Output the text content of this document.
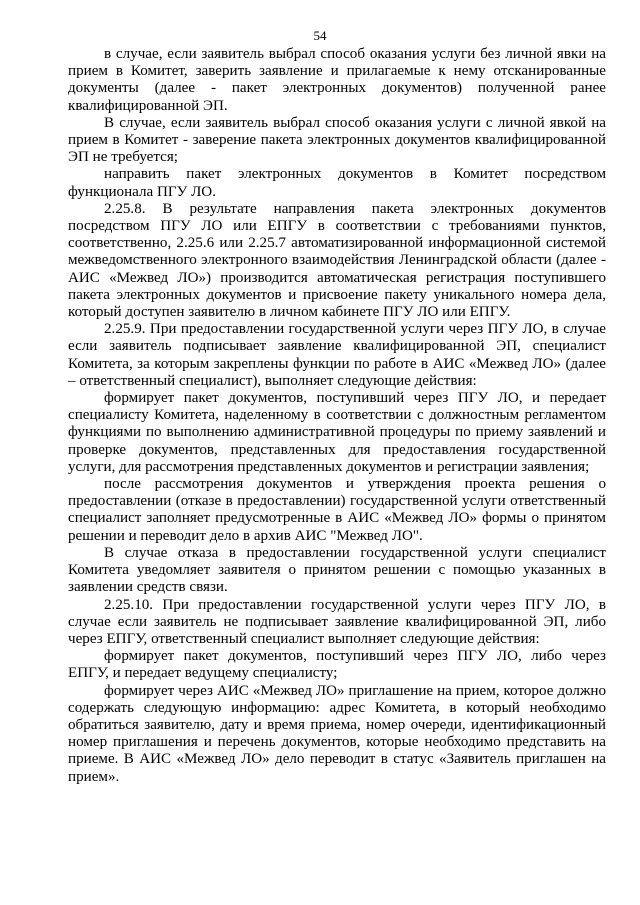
54

в случае, если заявитель выбрал способ оказания услуги без личной явки на прием в Комитет, заверить заявление и прилагаемые к нему отсканированные документы (далее - пакет электронных документов) полученной ранее квалифицированной ЭП.

В случае, если заявитель выбрал способ оказания услуги с личной явкой на прием в Комитет - заверение пакета электронных документов квалифицированной ЭП не требуется;

направить пакет электронных документов в Комитет посредством функционала ПГУ ЛО.

2.25.8. В результате направления пакета электронных документов посредством ПГУ ЛО или ЕПГУ в соответствии с требованиями пунктов, соответственно, 2.25.6 или 2.25.7 автоматизированной информационной системой межведомственного электронного взаимодействия Ленинградской области (далее - АИС «Межвед ЛО») производится автоматическая регистрация поступившего пакета электронных документов и присвоение пакету уникального номера дела, который доступен заявителю в личном кабинете ПГУ ЛО или ЕПГУ.

2.25.9. При предоставлении государственной услуги через ПГУ ЛО, в случае если заявитель подписывает заявление квалифицированной ЭП, специалист Комитета, за которым закреплены функции по работе в АИС «Межвед ЛО» (далее – ответственный специалист), выполняет следующие действия:

формирует пакет документов, поступивший через ПГУ ЛО, и передает специалисту Комитета, наделенному в соответствии с должностным регламентом функциями по выполнению административной процедуры по приему заявлений и проверке документов, представленных для предоставления государственной услуги, для рассмотрения представленных документов и регистрации заявления;

после рассмотрения документов и утверждения проекта решения о предоставлении (отказе в предоставлении) государственной услуги ответственный специалист заполняет предусмотренные в АИС «Межвед ЛО» формы о принятом решении и переводит дело в архив АИС "Межвед ЛО".

В случае отказа в предоставлении государственной услуги специалист Комитета уведомляет заявителя о принятом решении с помощью указанных в заявлении средств связи.

2.25.10. При предоставлении государственной услуги через ПГУ ЛО, в случае если заявитель не подписывает заявление квалифицированной ЭП, либо через ЕПГУ, ответственный специалист выполняет следующие действия:

формирует пакет документов, поступивший через ПГУ ЛО, либо через ЕПГУ, и передает ведущему специалисту;

формирует через АИС «Межвед ЛО» приглашение на прием, которое должно содержать следующую информацию: адрес Комитета, в который необходимо обратиться заявителю, дату и время приема, номер очереди, идентификационный номер приглашения и перечень документов, которые необходимо представить на приеме. В АИС «Межвед ЛО» дело переводит в статус «Заявитель приглашен на прием».
